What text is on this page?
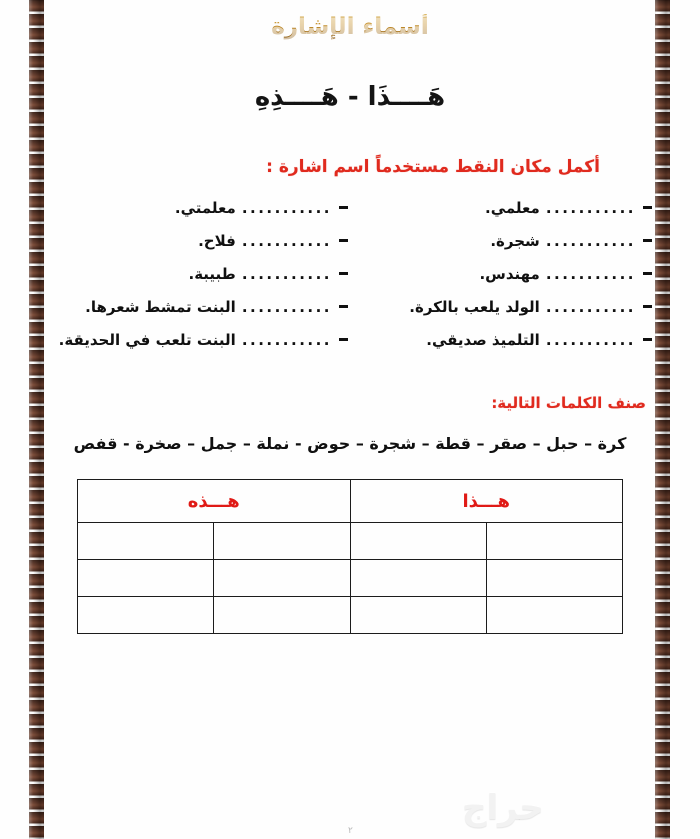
أسماء الإشارة
هَــــذَا - هَــــذِهِ
أكمل مكان النقط مستخدماً اسم اشارة :
...........
معلمي.
...........
معلمتي.
...........
شجرة.
...........
فلاح.
...........
مهندس.
...........
طبيبة.
...........
الولد يلعب بالكرة.
...........
البنت تمشط شعرها.
...........
التلميذ صديقي.
...........
البنت تلعب في الحديقة.
صنف الكلمات التالية:
كرة – حبل – صقر – قطة – شجرة – حوض - نملة – جمل – صخرة - قفص
هـــذا		هـــذه	

حراج
٢
